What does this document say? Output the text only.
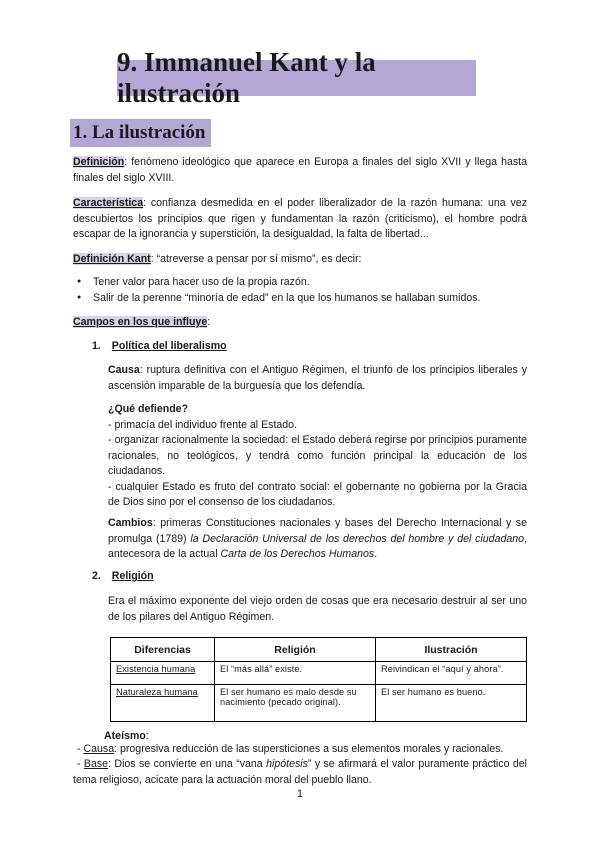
9. Immanuel Kant y la ilustración
1. La ilustración
Definición: fenómeno ideológico que aparece en Europa a finales del siglo XVII y llega hasta finales del siglo XVIII.
Característica: confianza desmedida en el poder liberalizador de la razón humana: una vez descubiertos los principios que rigen y fundamentan la razón (criticismo), el hombre podrá escapar de la ignorancia y superstición, la desigualdad, la falta de libertad...
Definición Kant: “atreverse a pensar por sí mismo”, es decir:
● Tener valor para hacer uso de la propia razón.
● Salir de la perenne “minoría de edad” en la que los humanos se hallaban sumidos.
Campos en los que influye:
1. Política del liberalismo
Causa: ruptura definitiva con el Antiguo Régimen, el triunfo de los principios liberales y ascensión imparable de la burguesía que los defendía.
¿Qué defiende?
- primacía del individuo frente al Estado.
- organizar racionalmente la sociedad: el Estado deberá regirse por principios puramente racionales, no teológicos, y tendrá como función principal la educación de los ciudadanos.
- cualquier Estado es fruto del contrato social: el gobernante no gobierna por la Gracia de Dios sino por el consenso de los ciudadanos.
Cambios: primeras Constituciones nacionales y bases del Derecho Internacional y se promulga (1789) la Declaración Universal de los derechos del hombre y del ciudadano, antecesora de la actual Carta de los Derechos Humanos.
2. Religión
Era el máximo exponente del viejo orden de cosas que era necesario destruir al ser uno de los pilares del Antiguo Régimen.
Diferencias	Religión	Ilustración
Existencia humana	El “más allá” existe.	Reivindican el “aquí y ahora”.
Naturaleza humana	El ser humano es malo desde su nacimiento (pecado original).	El ser humano es bueno.
Ateísmo:
- Causa: progresiva reducción de las supersticiones a sus elementos morales y racionales.
- Base: Dios se convierte en una “vana hipótesis” y se afirmará el valor puramente práctico del tema religioso, acicate para la actuación moral del pueblo llano.
1
